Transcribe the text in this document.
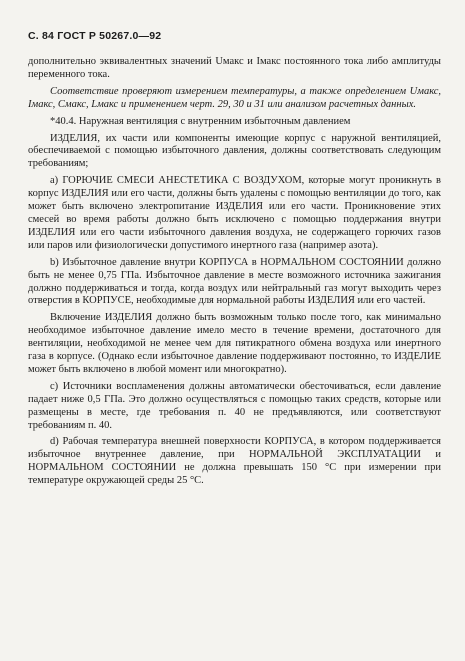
С. 84 ГОСТ Р 50267.0—92

дополнительно эквивалентных значений Uмакс и Iмакс постоянного тока либо амплитуды переменного тока.

Соответствие проверяют измерением температуры, а также определением Uмакс, Iмакс, Cмакс, Lмакс и применением черт. 29, 30 и 31 или анализом расчетных данных.

*40.4. Наружная вентиляция с внутренним избыточным давлением

ИЗДЕЛИЯ, их части или компоненты имеющие корпус с наружной вентиляцией, обеспечиваемой с помощью избыточного давления, должны соответствовать следующим требованиям;

а) ГОРЮЧИЕ СМЕСИ АНЕСТЕТИКА С ВОЗДУХОМ, которые могут проникнуть в корпус ИЗДЕЛИЯ или его части, должны быть удалены с помощью вентиляции до того, как может быть включено электропитание ИЗДЕЛИЯ или его части. Проникновение этих смесей во время работы должно быть исключено с помощью поддержания внутри ИЗДЕЛИЯ или его части избыточного давления воздуха, не содержащего горючих газов или паров или физиологически допустимого инертного газа (например азота).

b) Избыточное давление внутри КОРПУСА в НОРМАЛЬНОМ СОСТОЯНИИ должно быть не менее 0,75 ГПа. Избыточное давление в месте возможного источника зажигания должно поддерживаться и тогда, когда воздух или нейтральный газ могут выходить через отверстия в КОРПУСЕ, необходимые для нормальной работы ИЗДЕЛИЯ или его частей.

Включение ИЗДЕЛИЯ должно быть возможным только после того, как минимально необходимое избыточное давление имело место в течение времени, достаточного для вентиляции, необходимой не менее чем для пятикратного обмена воздуха или инертного газа в корпусе. (Однако если избыточное давление поддерживают постоянно, то ИЗДЕЛИЕ может быть включено в любой момент или многократно).

с) Источники воспламенения должны автоматически обесточиваться, если давление падает ниже 0,5 ГПа. Это должно осуществляться с помощью таких средств, которые или размещены в месте, где требования п. 40 не предъявляются, или соответствуют требованиям п. 40.

d) Рабочая температура внешней поверхности КОРПУСА, в котором поддерживается избыточное внутреннее давление, при НОРМАЛЬНОЙ ЭКСПЛУАТАЦИИ и НОРМАЛЬНОМ СОСТОЯНИИ не должна превышать 150 °С при измерении при температуре окружающей среды 25 °С.
